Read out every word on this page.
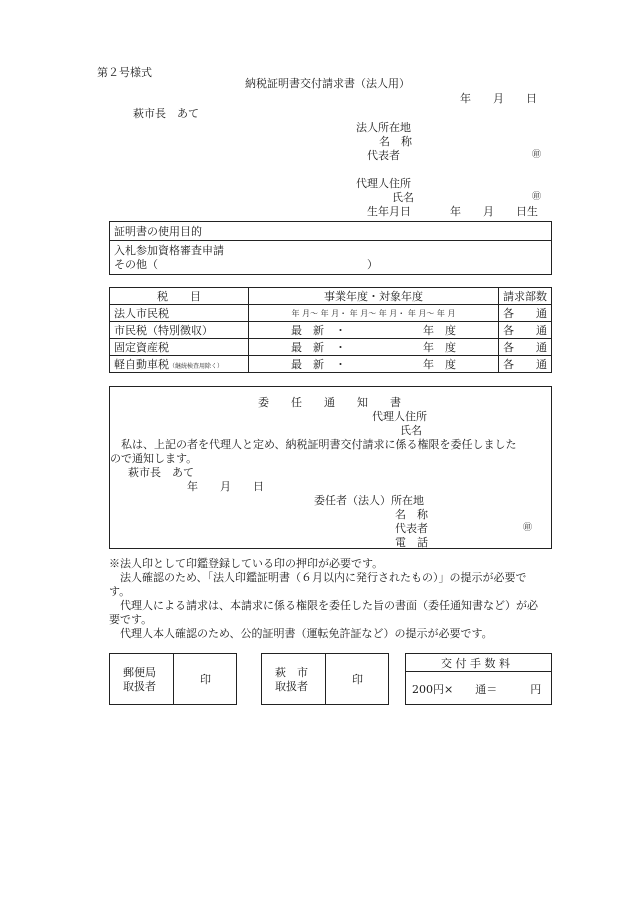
第２号様式
納税証明書交付請求書（法人用）
年　　月　　日
萩市長　あて
法人所在地
名　称
代表者	㊞
代理人住所
氏名	㊞
生年月日	年　　月　　日生
証明書の使用目的
入札参加資格審査申請
その他（　　　　　　　　　　　　　　　　　　　）
税　　目	事業年度・対象年度	請求部数
法人市民税	年 月～ 年 月・ 年 月～ 年 月・ 年 月～ 年 月	各　　通
市民税（特別徴収）	最　新　・　　　　　　　年　度	各　　通
固定資産税	最　新　・　　　　　　　年　度	各　　通
軽自動車税（継続検査用除く）	最　新　・　　　　　　　年　度	各　　通
委　　任　　通　　知　　書
代理人住所
氏名
　私は、上記の者を代理人と定め、納税証明書交付請求に係る権限を委任しました
ので通知します。
萩市長　あて
年　　月　　日
委任者（法人）所在地
名　称
代表者	㊞
電　話
※法人印として印鑑登録している印の押印が必要です。
　法人確認のため、「法人印鑑証明書（６月以内に発行されたもの）」の提示が必要で
す。
　代理人による請求は、本請求に係る権限を委任した旨の書面（委任通知書など）が必
要です。
　代理人本人確認のため、公的証明書（運転免許証など）の提示が必要です。
郵便局
取扱者
印
萩　市
取扱者
印
交 付 手 数 料
200円×　　通＝　　　円
